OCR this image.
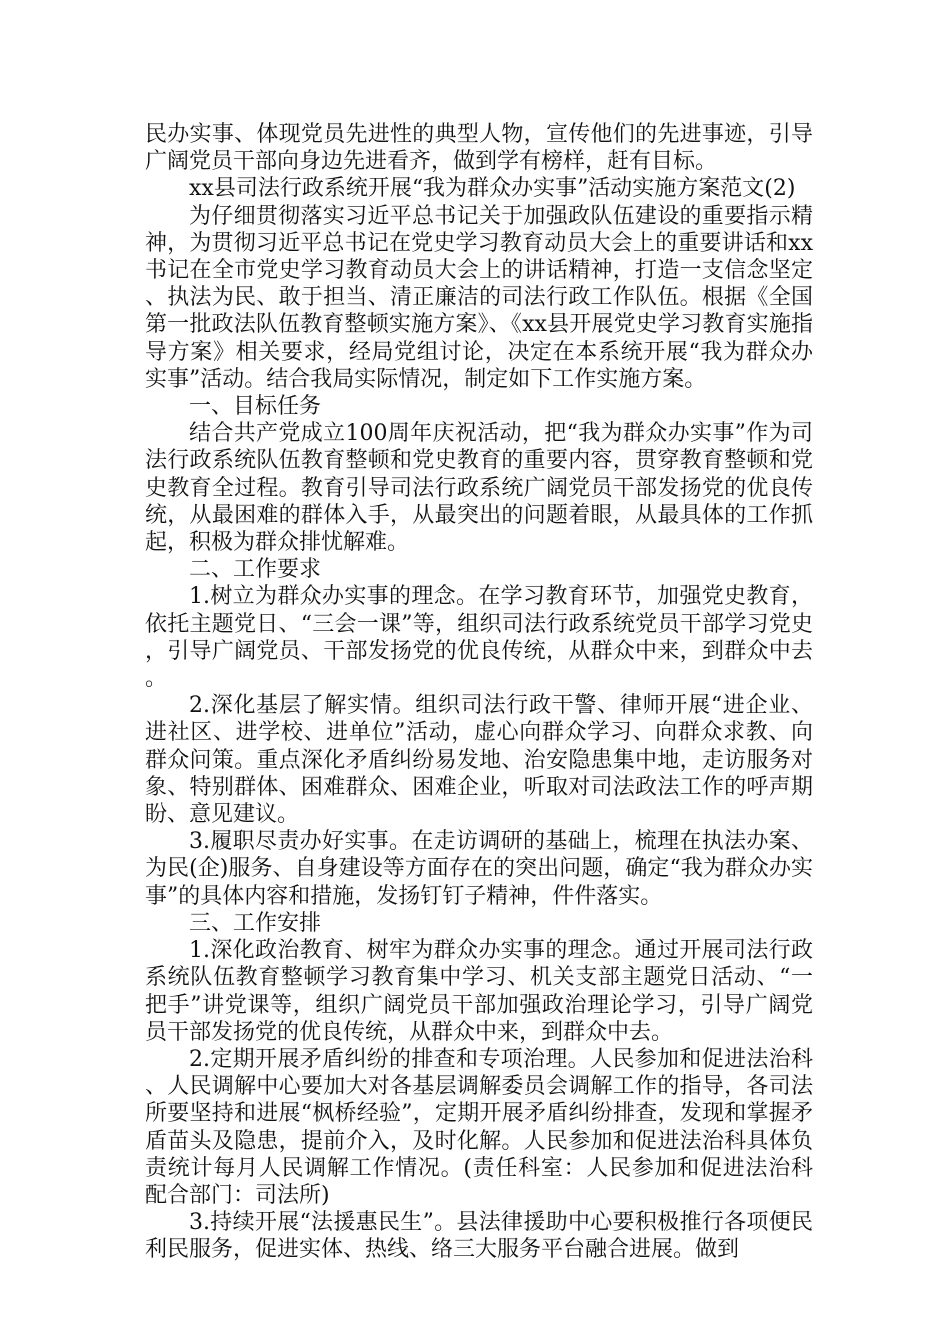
民办实事、体现党员先进性的典型人物，宣传他们的先进事迹，引导广阔党员干部向身边先进看齐，做到学有榜样，赶有目标。

xx县司法行政系统开展“我为群众办实事”活动实施方案范文(2)

为仔细贯彻落实习近平总书记关于加强政队伍建设的重要指示精神，为贯彻习近平总书记在党史学习教育动员大会上的重要讲话和xx书记在全市党史学习教育动员大会上的讲话精神，打造一支信念坚定、执法为民、敢于担当、清正廉洁的司法行政工作队伍。根据《全国第一批政法队伍教育整顿实施方案》、《xx县开展党史学习教育实施指导方案》相关要求，经局党组讨论，决定在本系统开展“我为群众办实事”活动。结合我局实际情况，制定如下工作实施方案。

一、目标任务

结合共产党成立100周年庆祝活动，把“我为群众办实事”作为司法行政系统队伍教育整顿和党史教育的重要内容，贯穿教育整顿和党史教育全过程。教育引导司法行政系统广阔党员干部发扬党的优良传统，从最困难的群体入手，从最突出的问题着眼，从最具体的工作抓起，积极为群众排忧解难。

二、工作要求

1.树立为群众办实事的理念。在学习教育环节，加强党史教育，依托主题党日、“三会一课”等，组织司法行政系统党员干部学习党史，引导广阔党员、干部发扬党的优良传统，从群众中来，到群众中去。

2.深化基层了解实情。组织司法行政干警、律师开展“进企业、进社区、进学校、进单位”活动，虚心向群众学习、向群众求教、向群众问策。重点深化矛盾纠纷易发地、治安隐患集中地，走访服务对象、特别群体、困难群众、困难企业，听取对司法政法工作的呼声期盼、意见建议。

3.履职尽责办好实事。在走访调研的基础上，梳理在执法办案、为民(企)服务、自身建设等方面存在的突出问题，确定“我为群众办实事”的具体内容和措施，发扬钉钉子精神，件件落实。

三、工作安排

1.深化政治教育、树牢为群众办实事的理念。通过开展司法行政系统队伍教育整顿学习教育集中学习、机关支部主题党日活动、“一把手”讲党课等，组织广阔党员干部加强政治理论学习，引导广阔党员干部发扬党的优良传统，从群众中来，到群众中去。

2.定期开展矛盾纠纷的排查和专项治理。人民参加和促进法治科、人民调解中心要加大对各基层调解委员会调解工作的指导，各司法所要坚持和进展“枫桥经验”，定期开展矛盾纠纷排查，发现和掌握矛盾苗头及隐患，提前介入，及时化解。人民参加和促进法治科具体负责统计每月人民调解工作情况。(责任科室：人民参加和促进法治科配合部门：司法所)

3.持续开展“法援惠民生”。县法律援助中心要积极推行各项便民利民服务，促进实体、热线、络三大服务平台融合进展。做到
